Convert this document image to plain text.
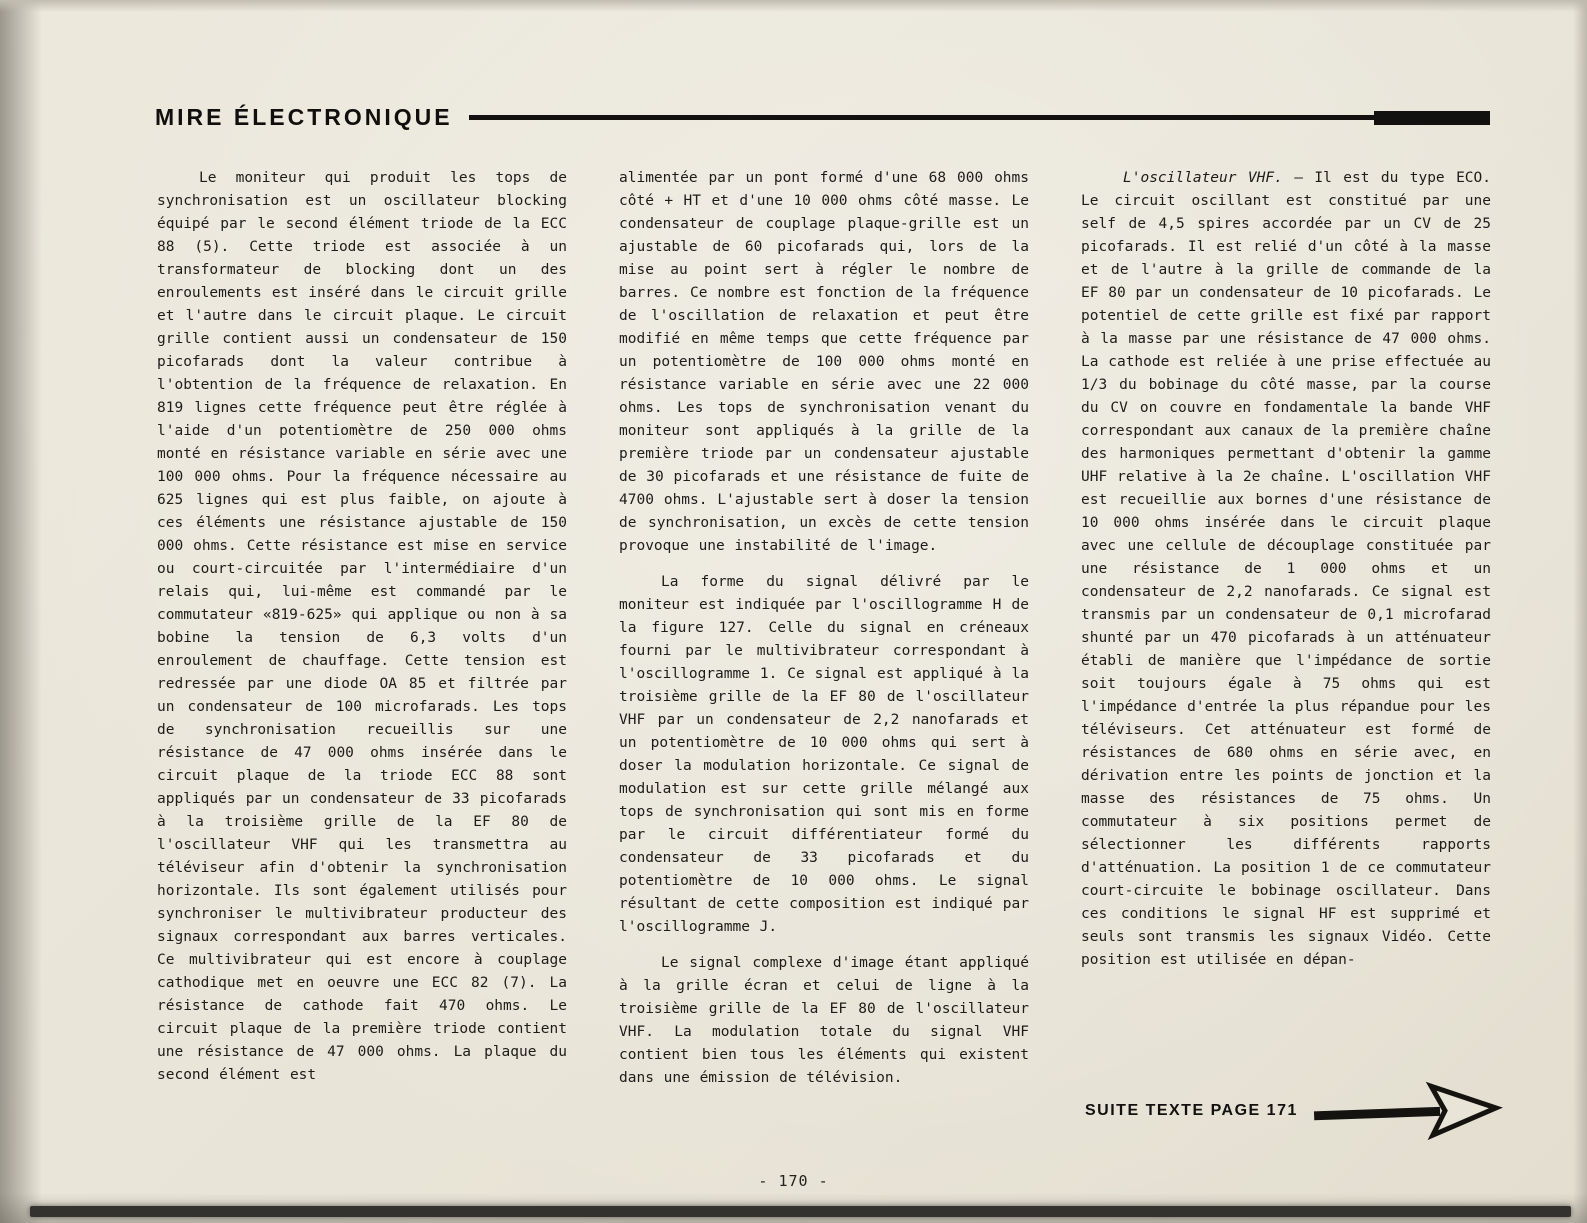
MIRE ÉLECTRONIQUE

Le moniteur qui produit les tops de synchronisation est un oscillateur blocking équipé par le second élément triode de la ECC 88 (5). Cette triode est associée à un transformateur de blocking dont un des enroulements est inséré dans le circuit grille et l'autre dans le circuit plaque. Le circuit grille contient aussi un condensateur de 150 picofarads dont la valeur contribue à l'obtention de la fréquence de relaxation. En 819 lignes cette fréquence peut être réglée à l'aide d'un potentiomètre de 250 000 ohms monté en résistance variable en série avec une 100 000 ohms. Pour la fréquence nécessaire au 625 lignes qui est plus faible, on ajoute à ces éléments une résistance ajustable de 150 000 ohms. Cette résistance est mise en service ou court-circuitée par l'intermédiaire d'un relais qui, lui-même est commandé par le commutateur «819-625» qui applique ou non à sa bobine la tension de 6,3 volts d'un enroulement de chauffage. Cette tension est redressée par une diode OA 85 et filtrée par un condensateur de 100 microfarads. Les tops de synchronisation recueillis sur une résistance de 47 000 ohms insérée dans le circuit plaque de la triode ECC 88 sont appliqués par un condensateur de 33 picofarads à la troisième grille de la EF 80 de l'oscillateur VHF qui les transmettra au téléviseur afin d'obtenir la synchronisation horizontale. Ils sont également utilisés pour synchroniser le multivibrateur producteur des signaux correspondant aux barres verticales. Ce multivibrateur qui est encore à couplage cathodique met en oeuvre une ECC 82 (7). La résistance de cathode fait 470 ohms. Le circuit plaque de la première triode contient une résistance de 47 000 ohms. La plaque du second élément est

alimentée par un pont formé d'une 68 000 ohms côté + HT et d'une 10 000 ohms côté masse. Le condensateur de couplage plaque-grille est un ajustable de 60 picofarads qui, lors de la mise au point sert à régler le nombre de barres. Ce nombre est fonction de la fréquence de l'oscillation de relaxation et peut être modifié en même temps que cette fréquence par un potentiomètre de 100 000 ohms monté en résistance variable en série avec une 22 000 ohms. Les tops de synchronisation venant du moniteur sont appliqués à la grille de la première triode par un condensateur ajustable de 30 picofarads et une résistance de fuite de 4700 ohms. L'ajustable sert à doser la tension de synchronisation, un excès de cette tension provoque une instabilité de l'image.

La forme du signal délivré par le moniteur est indiquée par l'oscillogramme H de la figure 127. Celle du signal en créneaux fourni par le multivibrateur correspondant à l'oscillogramme 1. Ce signal est appliqué à la troisième grille de la EF 80 de l'oscillateur VHF par un condensateur de 2,2 nanofarads et un potentiomètre de 10 000 ohms qui sert à doser la modulation horizontale. Ce signal de modulation est sur cette grille mélangé aux tops de synchronisation qui sont mis en forme par le circuit différentiateur formé du condensateur de 33 picofarads et du potentiomètre de 10 000 ohms. Le signal résultant de cette composition est indiqué par l'oscillogramme J.

Le signal complexe d'image étant appliqué à la grille écran et celui de ligne à la troisième grille de la EF 80 de l'oscillateur VHF. La modulation totale du signal VHF contient bien tous les éléments qui existent dans une émission de télévision.

L'oscillateur VHF. — Il est du type ECO. Le circuit oscillant est constitué par une self de 4,5 spires accordée par un CV de 25 picofarads. Il est relié d'un côté à la masse et de l'autre à la grille de commande de la EF 80 par un condensateur de 10 picofarads. Le potentiel de cette grille est fixé par rapport à la masse par une résistance de 47 000 ohms. La cathode est reliée à une prise effectuée au 1/3 du bobinage du côté masse, par la course du CV on couvre en fondamentale la bande VHF correspondant aux canaux de la première chaîne des harmoniques permettant d'obtenir la gamme UHF relative à la 2e chaîne. L'oscillation VHF est recueillie aux bornes d'une résistance de 10 000 ohms insérée dans le circuit plaque avec une cellule de découplage constituée par une résistance de 1 000 ohms et un condensateur de 2,2 nanofarads. Ce signal est transmis par un condensateur de 0,1 microfarad shunté par un 470 picofarads à un atténuateur établi de manière que l'impédance de sortie soit toujours égale à 75 ohms qui est l'impédance d'entrée la plus répandue pour les téléviseurs. Cet atténuateur est formé de résistances de 680 ohms en série avec, en dérivation entre les points de jonction et la masse des résistances de 75 ohms. Un commutateur à six positions permet de sélectionner les différents rapports d'atténuation. La position 1 de ce commutateur court-circuite le bobinage oscillateur. Dans ces conditions le signal HF est supprimé et seuls sont transmis les signaux Vidéo. Cette position est utilisée en dépan-

SUITE TEXTE PAGE 171
- 170 -
